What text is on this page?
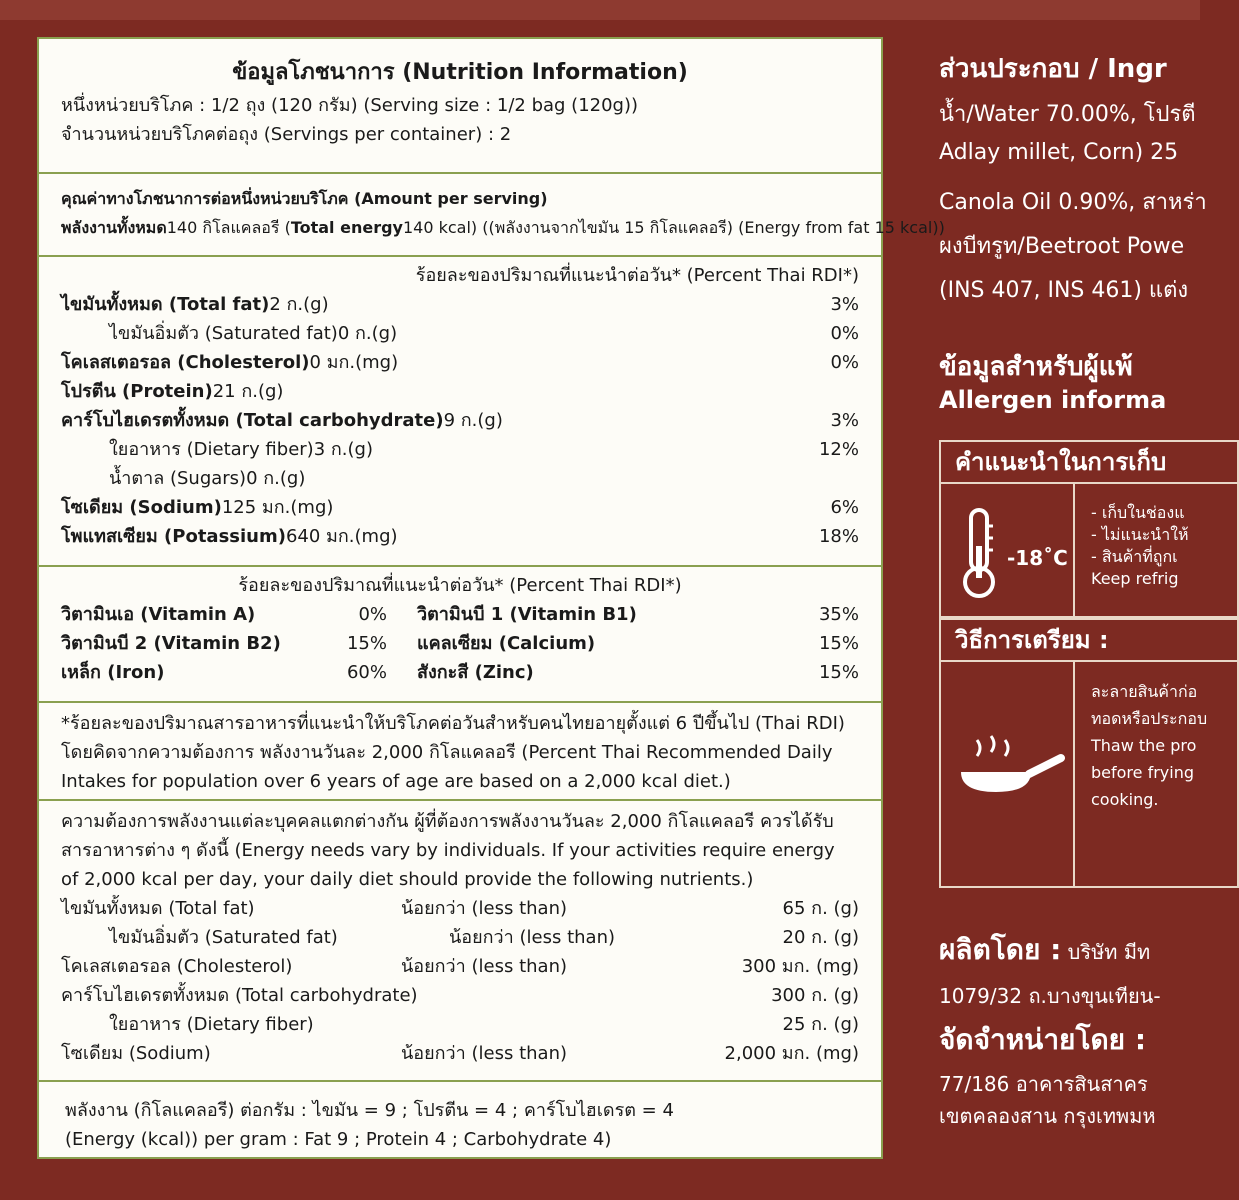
ข้อมูลโภชนาการ (Nutrition Information)
หนึ่งหน่วยบริโภค : 1/2 ถุง (120 กรัม) (Serving size : 1/2 bag (120g))
จำนวนหน่วยบริโภคต่อถุง (Servings per container) : 2
คุณค่าทางโภชนาการต่อหนึ่งหน่วยบริโภค (Amount per serving)
พลังงานทั้งหมด 140 กิโลแคลอรี ( Total energy 140 kcal) ((พลังงานจากไขมัน 15 กิโลแคลอรี) (Energy from fat 15 kcal))
ร้อยละของปริมาณที่แนะนำต่อวัน* (Percent Thai RDI*)
ไขมันทั้งหมด (Total fat) 2 ก.(g)	3%
ไขมันอิ่มตัว (Saturated fat) 0 ก.(g)	0%
โคเลสเตอรอล (Cholesterol) 0 มก.(mg)	0%
โปรตีน (Protein) 21 ก.(g)
คาร์โบไฮเดรตทั้งหมด (Total carbohydrate) 9 ก.(g)	3%
ใยอาหาร (Dietary fiber) 3 ก.(g)	12%
น้ำตาล (Sugars) 0 ก.(g)
โซเดียม (Sodium) 125 มก.(mg)	6%
โพแทสเซียม (Potassium) 640 มก.(mg)	18%
ร้อยละของปริมาณที่แนะนำต่อวัน* (Percent Thai RDI*)
วิตามินเอ (Vitamin A)	0%	วิตามินบี 1 (Vitamin B1)	35%
วิตามินบี 2 (Vitamin B2)	15%	แคลเซียม (Calcium)	15%
เหล็ก (Iron)	60%	สังกะสี (Zinc)	15%
*ร้อยละของปริมาณสารอาหารที่แนะนำให้บริโภคต่อวันสำหรับคนไทยอายุตั้งแต่ 6 ปีขึ้นไป (Thai RDI)
โดยคิดจากความต้องการ พลังงานวันละ 2,000 กิโลแคลอรี (Percent Thai Recommended Daily
Intakes for population over 6 years of age are based on a 2,000 kcal diet.)
ความต้องการพลังงานแต่ละบุคคลแตกต่างกัน ผู้ที่ต้องการพลังงานวันละ 2,000 กิโลแคลอรี ควรได้รับ
สารอาหารต่าง ๆ ดังนี้ (Energy needs vary by individuals. If your activities require energy
of 2,000 kcal per day, your daily diet should provide the following nutrients.)
ไขมันทั้งหมด (Total fat)	น้อยกว่า (less than)	65 ก. (g)
ไขมันอิ่มตัว (Saturated fat)	น้อยกว่า (less than)	20 ก. (g)
โคเลสเตอรอล (Cholesterol)	น้อยกว่า (less than)	300 มก. (mg)
คาร์โบไฮเดรตทั้งหมด (Total carbohydrate)	300 ก. (g)
ใยอาหาร (Dietary fiber)	25 ก. (g)
โซเดียม (Sodium)	น้อยกว่า (less than)	2,000 มก. (mg)
พลังงาน (กิโลแคลอรี) ต่อกรัม : ไขมัน = 9 ; โปรตีน = 4 ; คาร์โบไฮเดรต = 4
(Energy (kcal)) per gram : Fat 9 ; Protein 4 ; Carbohydrate 4)
ส่วนประกอบ / Ingr
น้ำ/Water 70.00%, โปรตี
Adlay millet, Corn) 25
Canola Oil 0.90%, สาหร่า
ผงบีทรูท/Beetroot Powe
(INS 407, INS 461) แต่ง
ข้อมูลสำหรับผู้แพ้
Allergen informa
คำแนะนำในการเก็บ
-18˚C
- เก็บในช่องแ
- ไม่แนะนำให้
- สินค้าที่ถูกเ
Keep refrig
วิธีการเตรียม :
ละลายสินค้าก่อ
ทอดหรือประกอบ
Thaw the pro
before frying
cooking.
ผลิตโดย : บริษัท มีท
1079/32 ถ.บางขุนเทียน-
จัดจำหน่ายโดย :
77/186 อาคารสินสาคร
เขตคลองสาน กรุงเทพมห
